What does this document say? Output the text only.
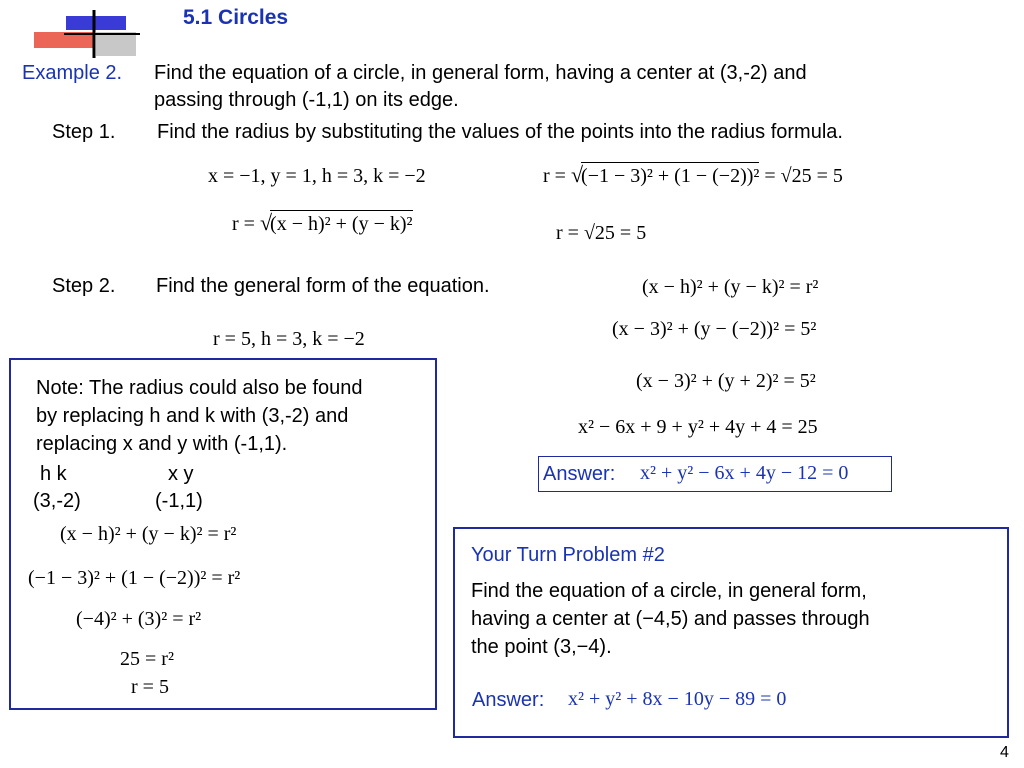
5.1 Circles
Example 2. Find the equation of a circle, in general form, having a center at (3,-2) and
passing through (-1,1) on its edge.
Step 1. Find the radius by substituting the values of the points into the radius formula.
x = −1, y = 1, h = 3, k = −2
r = √(x − h)² + (y − k)²
r = √(−1 − 3)² + (1 − (−2))² = √25 = 5
r = √25 = 5
Step 2. Find the general form of the equation.
r = 5, h = 3, k = −2
(x − h)² + (y − k)² = r²
(x − 3)² + (y − (−2))² = 5²
(x − 3)² + (y + 2)² = 5²
x² − 6x + 9 + y² + 4y + 4 = 25
Answer: x² + y² − 6x + 4y − 12 = 0
Note: The radius could also be found
by replacing h and k with (3,-2) and
replacing x and y with (-1,1).
h k	x y
(3,-2)	(-1,1)
(x − h)² + (y − k)² = r²
(−1 − 3)² + (1 − (−2))² = r²
(−4)² + (3)² = r²
25 = r²
r = 5
Your Turn Problem #2
Find the equation of a circle, in general form,
having a center at (−4,5) and passes through
the point (3,−4).
Answer: x² + y² + 8x − 10y − 89 = 0
4
